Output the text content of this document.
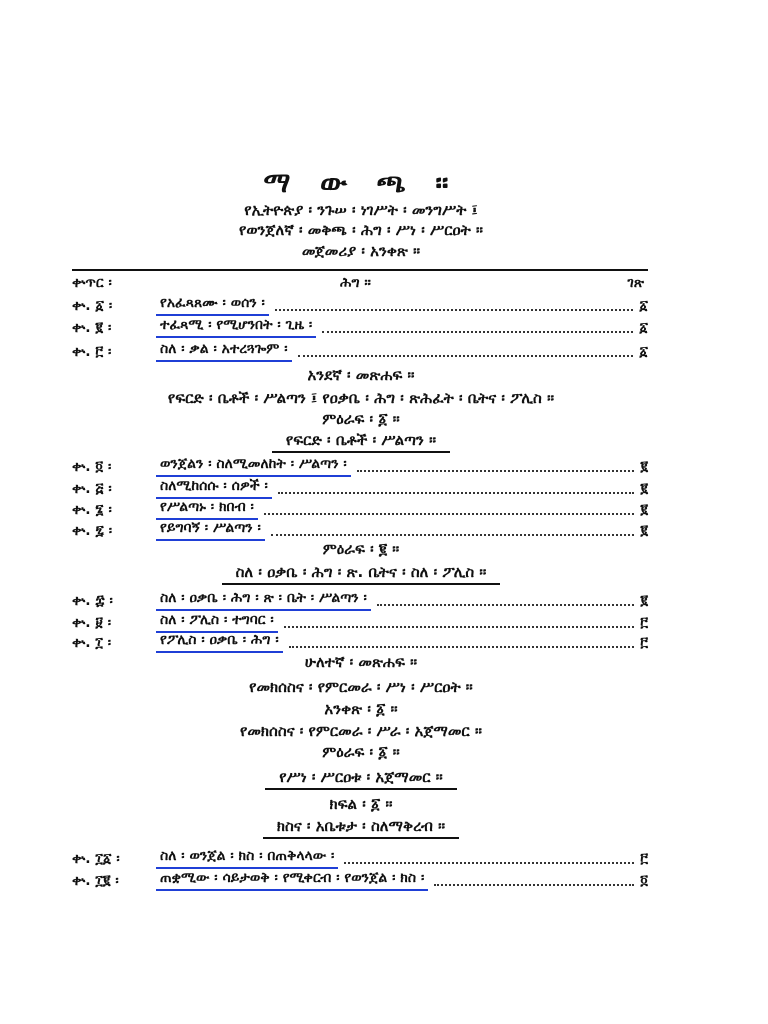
ማ ው ጫ ።
የኢትዮጵያ ፡ ንጉሠ ፡ ነገሥት ፡ መንግሥት ፤
የወንጀለኛ ፡ መቅጫ ፡ ሕግ ፡ ሥነ ፡ ሥርዐት ።
መጀመሪያ ፡ አንቀጽ ።
ቍጥር ፡	ሕግ ።	ገጽ
ቍ. ፩ ፡	የአፈጻጸሙ ፡ ወሰን ፡	፩
ቍ. ፪ ፡	ተፈጻሚ ፡ የሚሆንበት ፡ ጊዜ ፡	፩
ቍ. ፫ ፡	ስለ ፡ ቃል ፡ አተረጓጐም ፡	፩
አንደኛ ፡ መጽሐፍ ።
የፍርድ ፡ ቤቶች ፡ ሥልጣን ፤ የዐቃቤ ፡ ሕግ ፡ ጽሕፈት ፡ ቤትና ፡ ፖሊስ ።
ምዕራፍ ፡ ፩ ።
የፍርድ ፡ ቤቶች ፡ ሥልጣን ።
ቍ. ፬ ፡	ወንጀልን ፡ ስለሚመለከት ፡ ሥልጣን ፡	፪
ቍ. ፭ ፡	ስለሚከሰሱ ፡ ሰዎች ፡	፪
ቍ. ፮ ፡	የሥልጣኑ ፡ ክበብ ፡	፪
ቍ. ፯ ፡	የይግባኝ ፡ ሥልጣን ፡	፪
ምዕራፍ ፡ ፪ ።
ስለ ፡ ዐቃቤ ፡ ሕግ ፡ ጽ. ቤትና ፡ ስለ ፡ ፖሊስ ።
ቍ. ፰ ፡	ስለ ፡ ዐቃቤ ፡ ሕግ ፡ ጽ ፡ ቤት ፡ ሥልጣን ፡	፪
ቍ. ፱ ፡	ስለ ፡ ፖሊስ ፡ ተግባር ፡	፫
ቍ. ፲ ፡	የፖሊስ ፡ ዐቃቤ ፡ ሕግ ፡	፫
ሁለተኛ ፡ መጽሐፍ ።
የመክሰስና ፡ የምርመራ ፡ ሥነ ፡ ሥርዐት ።
አንቀጽ ፡ ፩ ።
የመክሰስና ፡ የምርመራ ፡ ሥራ ፡ አጀማመር ።
ምዕራፍ ፡ ፩ ።
የሥነ ፡ ሥርዐቱ ፡ አጀማመር ።
ክፍል ፡ ፩ ።
ክስና ፡ አቤቱታ ፡ ስለማቅረብ ።
ቍ. ፲፩ ፡	ስለ ፡ ወንጀል ፡ ክስ ፡ በጠቅላላው ፡	፫
ቍ. ፲፪ ፡	ጠቋሚው ፡ ሳይታወቅ ፡ የሚቀርብ ፡ የወንጀል ፡ ክስ ፡	፬
